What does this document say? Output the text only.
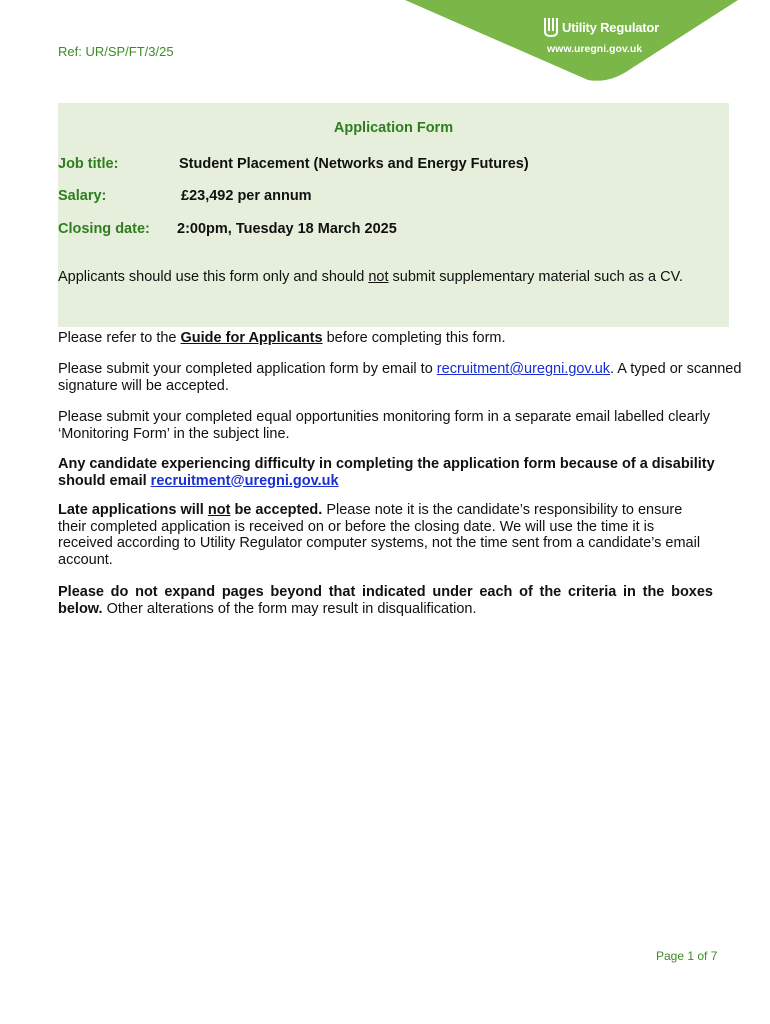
Ref: UR/SP/FT/3/25
Utility Regulator
www.uregni.gov.uk
Application Form
Job title:	Student Placement (Networks and Energy Futures)
Salary:	£23,492 per annum
Closing date: 2:00pm, Tuesday 18 March 2025
Applicants should use this form only and should not submit supplementary material such as a CV.
Please refer to the Guide for Applicants before completing this form.
Please submit your completed application form by email to recruitment@uregni.gov.uk. A typed or scanned signature will be accepted.
Please submit your completed equal opportunities monitoring form in a separate email labelled clearly ‘Monitoring Form’ in the subject line.
Any candidate experiencing difficulty in completing the application form because of a disability should email recruitment@uregni.gov.uk
Late applications will not be accepted. Please note it is the candidate’s responsibility to ensure their completed application is received on or before the closing date. We will use the time it is received according to Utility Regulator computer systems, not the time sent from a candidate’s email account.
Please do not expand pages beyond that indicated under each of the criteria in the boxes below. Other alterations of the form may result in disqualification.
Page 1 of 7
